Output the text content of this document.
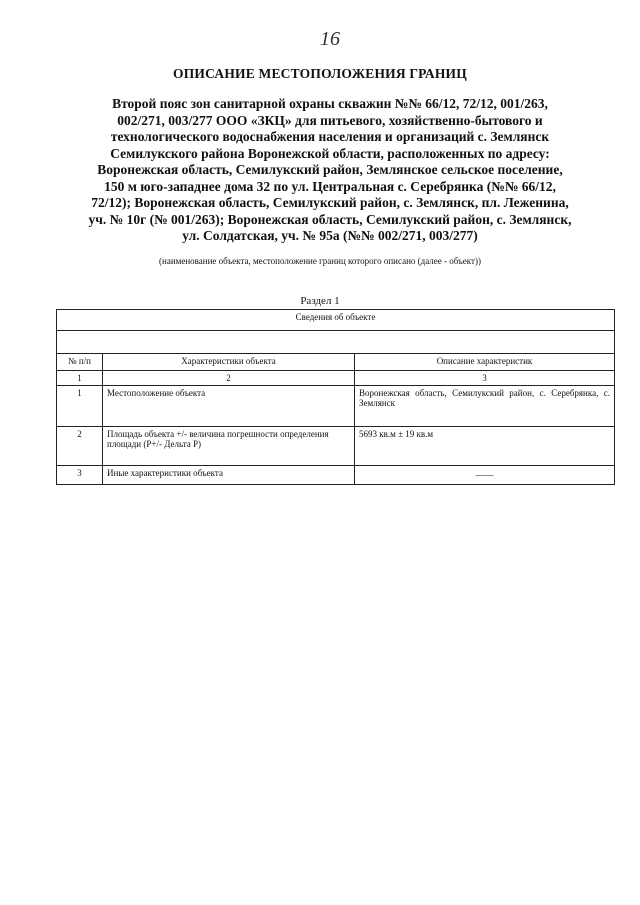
16
ОПИСАНИЕ МЕСТОПОЛОЖЕНИЯ ГРАНИЦ
Второй пояс зон санитарной охраны скважин №№ 66/12, 72/12, 001/263,
002/271, 003/277 ООО «ЗКЦ» для питьевого, хозяйственно-бытового и
технологического водоснабжения населения и организаций с. Землянск
Семилукского района Воронежской области, расположенных по адресу:
Воронежская область, Семилукский район, Землянское сельское поселение,
150 м юго-западнее дома 32 по ул. Центральная с. Серебрянка (№№ 66/12,
72/12); Воронежская область, Семилукский район, с. Землянск, пл. Леженина,
уч. № 10г (№ 001/263); Воронежская область, Семилукский район, с. Землянск,
ул. Солдатская, уч. № 95а (№№ 002/271, 003/277)
(наименование объекта, местоположение границ которого описано (далее - объект))
Раздел 1
Сведения об объекте		

№ п/п	Характеристики объекта	Описание характеристик
1	2	3
1	Местоположение объекта	Воронежская область, Семилукский район, с. Серебрянка, с. Землянск
2	Площадь объекта +/- величина погрешности определения площади (Р+/- Дельта Р)	5693 кв.м ± 19 кв.м
3	Иные характеристики объекта	——
